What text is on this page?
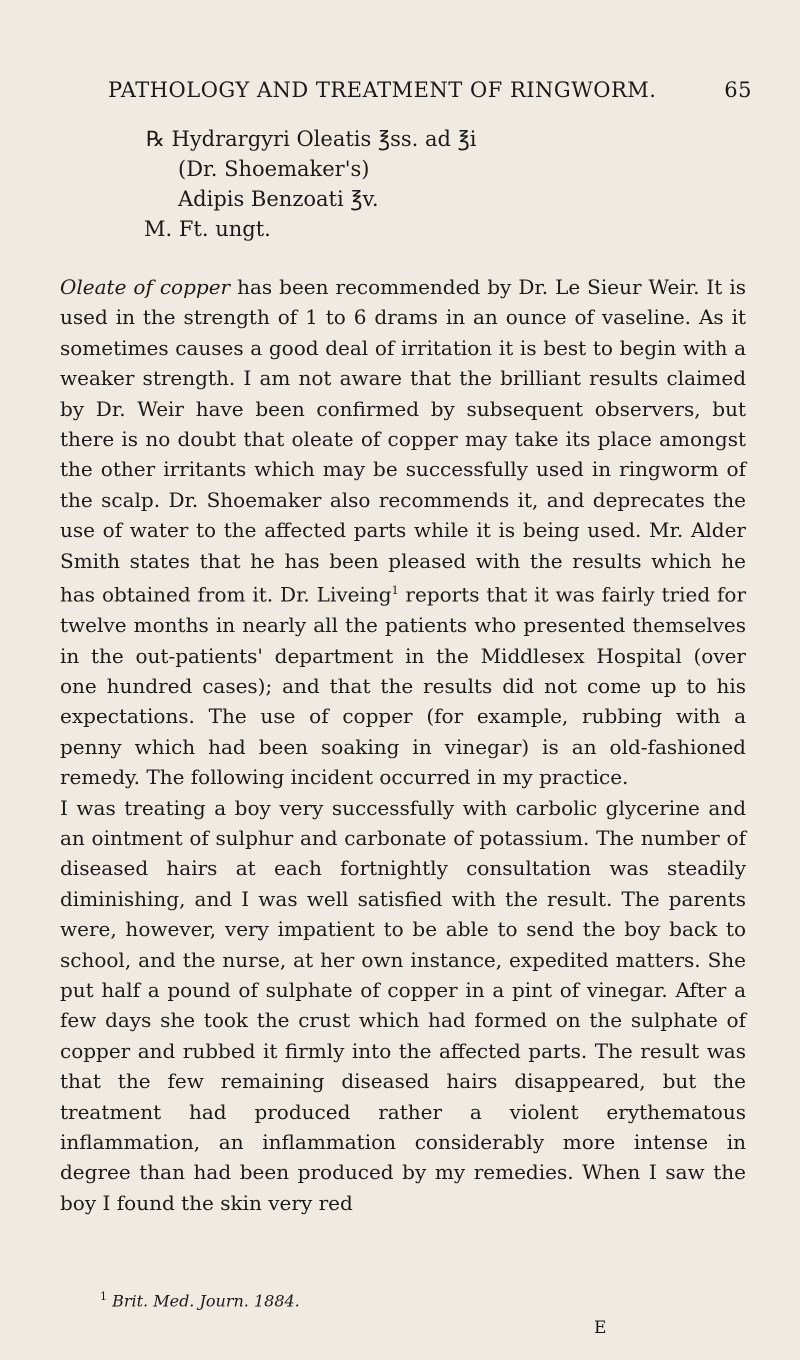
PATHOLOGY AND TREATMENT OF RINGWORM.	65
℞ Hydrargyri Oleatis ℥ss. ad ℥i
(Dr. Shoemaker's)
Adipis Benzoati ℥v.
M. Ft. ungt.

Oleate of copper has been recommended by Dr. Le Sieur Weir. It is used in the strength of 1 to 6 drams in an ounce of vaseline. As it sometimes causes a good deal of irritation it is best to begin with a weaker strength. I am not aware that the brilliant results claimed by Dr. Weir have been confirmed by subsequent observers, but there is no doubt that oleate of copper may take its place amongst the other irritants which may be successfully used in ringworm of the scalp. Dr. Shoemaker also recommends it, and deprecates the use of water to the affected parts while it is being used. Mr. Alder Smith states that he has been pleased with the results which he has obtained from it. Dr. Liveing$^1$ reports that it was fairly tried for twelve months in nearly all the patients who presented themselves in the out-patients' department in the Middlesex Hospital (over one hundred cases); and that the results did not come up to his expectations. The use of copper (for example, rubbing with a penny which had been soaking in vinegar) is an old-fashioned remedy. The following incident occurred in my practice.

I was treating a boy very successfully with carbolic glycerine and an ointment of sulphur and carbonate of potassium. The number of diseased hairs at each fortnightly consultation was steadily diminishing, and I was well satisfied with the result. The parents were, however, very impatient to be able to send the boy back to school, and the nurse, at her own instance, expedited matters. She put half a pound of sulphate of copper in a pint of vinegar. After a few days she took the crust which had formed on the sulphate of copper and rubbed it firmly into the affected parts. The result was that the few remaining diseased hairs disappeared, but the treatment had produced rather a violent erythematous inflammation, an inflammation considerably more intense in degree than had been produced by my remedies. When I saw the boy I found the skin very red

$^1$ Brit. Med. Journ. 1884.
E
